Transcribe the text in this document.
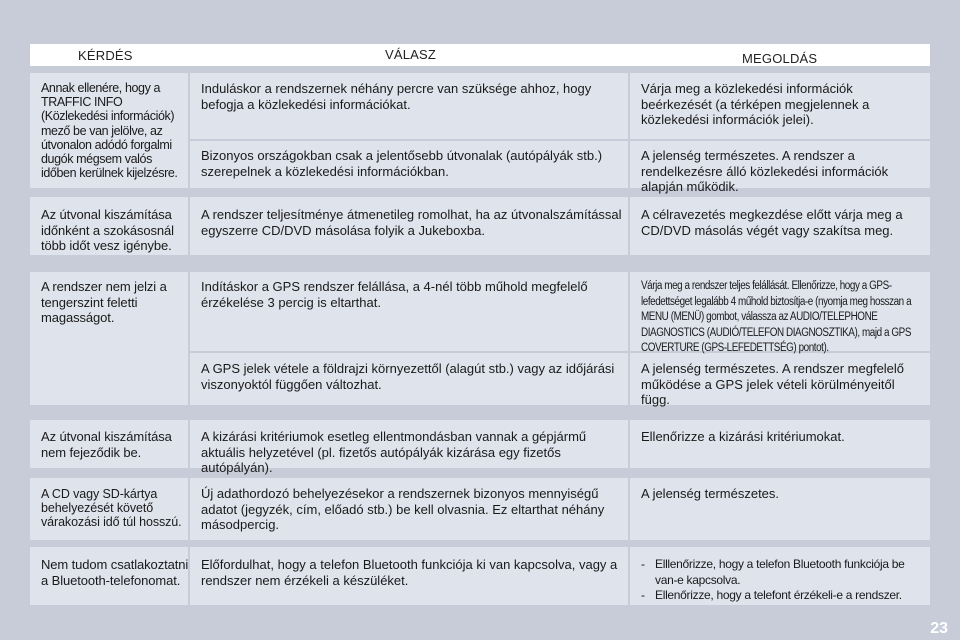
KÉRDÉS	VÁLASZ	MEGOLDÁS
Annak ellenére, hogy a TRAFFIC INFO (Közlekedési információk) mező be van jelölve, az útvonalon adódó forgalmi dugók mégsem valós időben kerülnek kijelzésre.
Induláskor a rendszernek néhány percre van szüksége ahhoz, hogy befogja a közlekedési információkat.
Várja meg a közlekedési információk beérkezését (a térképen megjelennek a közlekedési információk jelei).
Bizonyos országokban csak a jelentősebb útvonalak (autópályák stb.) szerepelnek a közlekedési információkban.
A jelenség természetes. A rendszer a rendelkezésre álló közlekedési információk alapján működik.
Az útvonal kiszámítása időnként a szokásosnál több időt vesz igénybe.
A rendszer teljesítménye átmenetileg romolhat, ha az útvonalszámítással egyszerre CD/DVD másolása folyik a Jukeboxba.
A célravezetés megkezdése előtt várja meg a CD/DVD másolás végét vagy szakítsa meg.
A rendszer nem jelzi a tengerszint feletti magasságot.
Indításkor a GPS rendszer felállása, a 4-nél több műhold megfelelő érzékelése 3 percig is eltarthat.
Várja meg a rendszer teljes felállását. Ellenőrizze, hogy a GPS-lefedettséget legalább 4 műhold biztosítja-e (nyomja meg hosszan a MENU (MENÜ) gombot, válassza az AUDIO/TELEPHONE DIAGNOSTICS (AUDIÓ/TELEFON DIAGNOSZTIKA), majd a GPS COVERTURE (GPS-LEFEDETTSÉG) pontot).
A GPS jelek vétele a földrajzi környezettől (alagút stb.) vagy az időjárási viszonyoktól függően változhat.
A jelenség természetes. A rendszer megfelelő működése a GPS jelek vételi körülményeitől függ.
Az útvonal kiszámítása nem fejeződik be.
A kizárási kritériumok esetleg ellentmondásban vannak a gépjármű aktuális helyzetével (pl. fizetős autópályák kizárása egy fizetős autópályán).
Ellenőrizze a kizárási kritériumokat.
A CD vagy SD-kártya behelyezését követő várakozási idő túl hosszú.
Új adathordozó behelyezésekor a rendszernek bizonyos mennyiségű adatot (jegyzék, cím, előadó stb.) be kell olvasnia. Ez eltarthat néhány másodpercig.
A jelenség természetes.
Nem tudom csatlakoztatni a Bluetooth-telefonomat.
Előfordulhat, hogy a telefon Bluetooth funkciója ki van kapcsolva, vagy a rendszer nem érzékeli a készüléket.
- Elllenőrizze, hogy a telefon Bluetooth funkciója be van-e kapcsolva.
- Ellenőrizze, hogy a telefont érzékeli-e a rendszer.
23
